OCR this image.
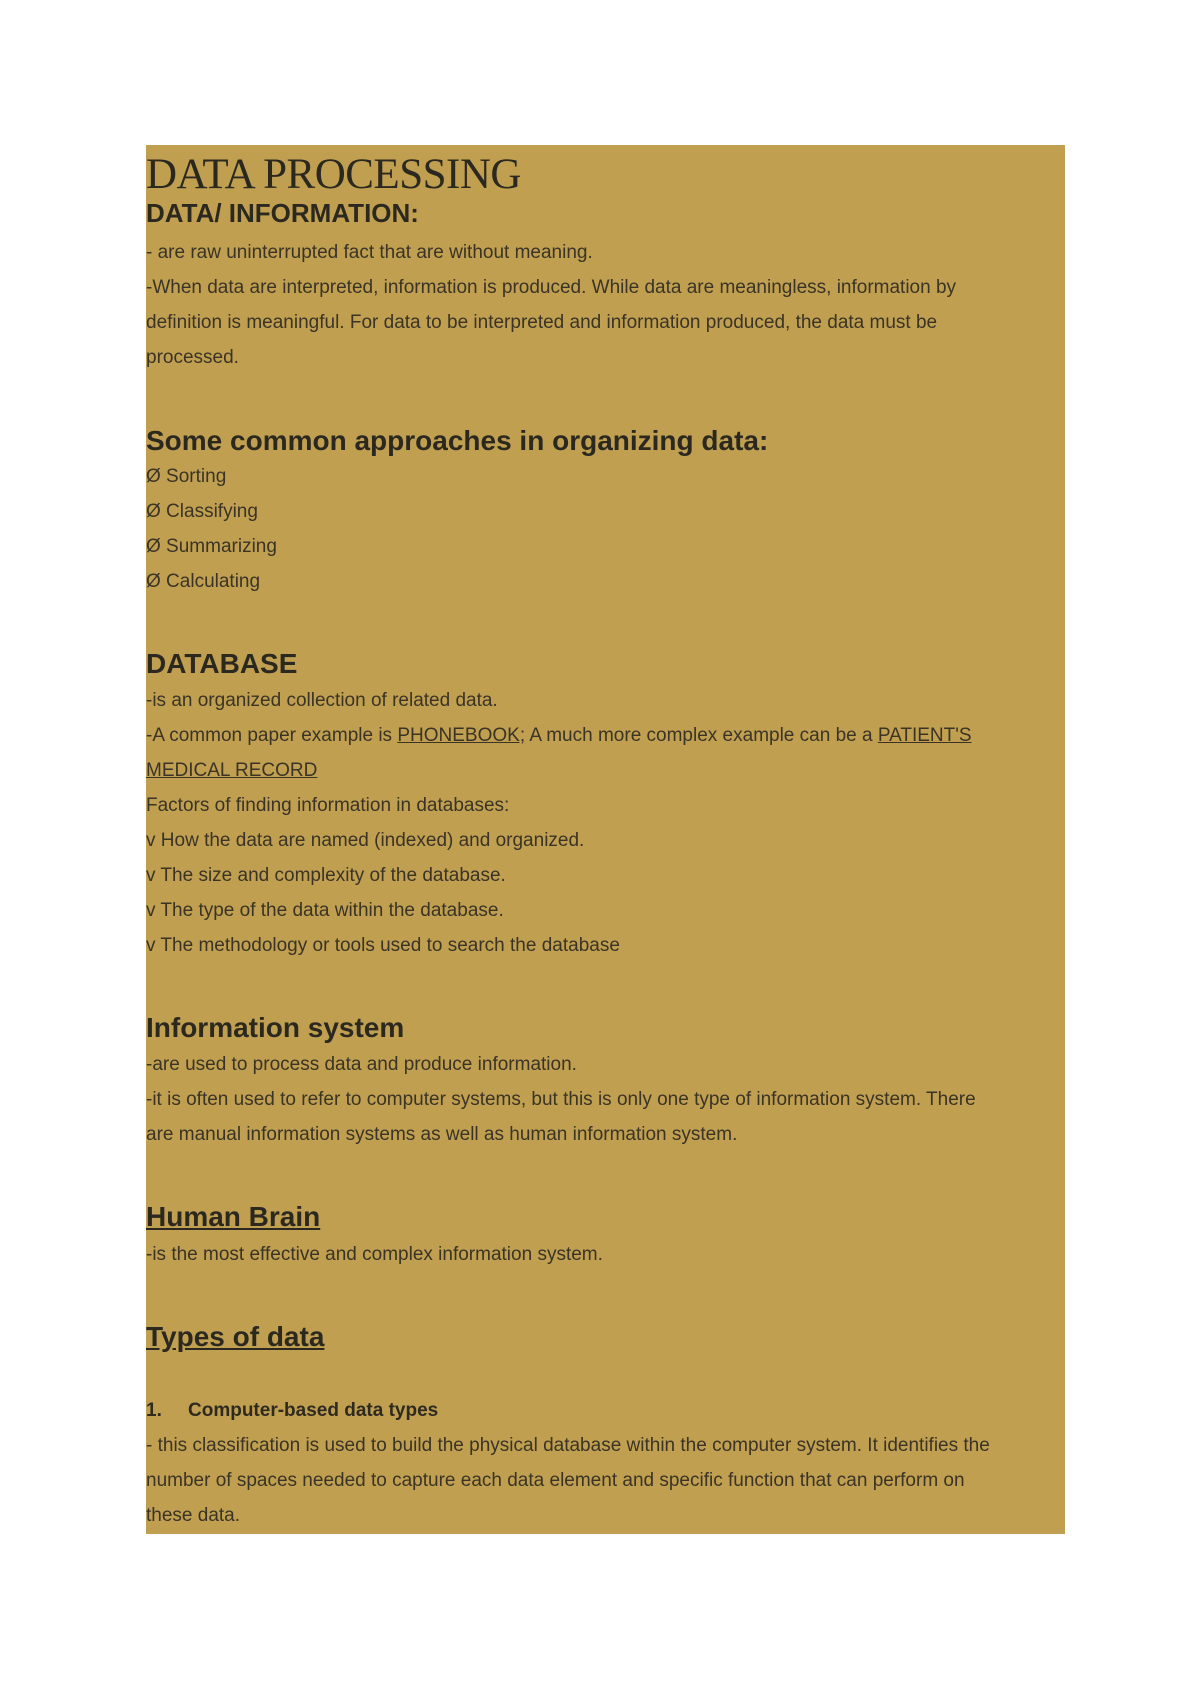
DATA PROCESSING
DATA/ INFORMATION:
- are raw uninterrupted fact that are without meaning.
-When data are interpreted, information is produced. While data are meaningless, information by
definition is meaningful. For data to be interpreted and information produced, the data must be
processed.
Some common approaches in organizing data:
Ø Sorting
Ø Classifying
Ø Summarizing
Ø Calculating
DATABASE
-is an organized collection of related data.
-A common paper example is PHONEBOOK; A much more complex example can be a PATIENT'S
MEDICAL RECORD
Factors of finding information in databases:
v How the data are named (indexed) and organized.
v The size and complexity of the database.
v The type of the data within the database.
v The methodology or tools used to search the database
Information system
-are used to process data and produce information.
-it is often used to refer to computer systems, but this is only one type of information system. There
are manual information systems as well as human information system.
Human Brain
-is the most effective and complex information system.
Types of data
1. Computer-based data types
- this classification is used to build the physical database within the computer system. It identifies the
number of spaces needed to capture each data element and specific function that can perform on
these data.
